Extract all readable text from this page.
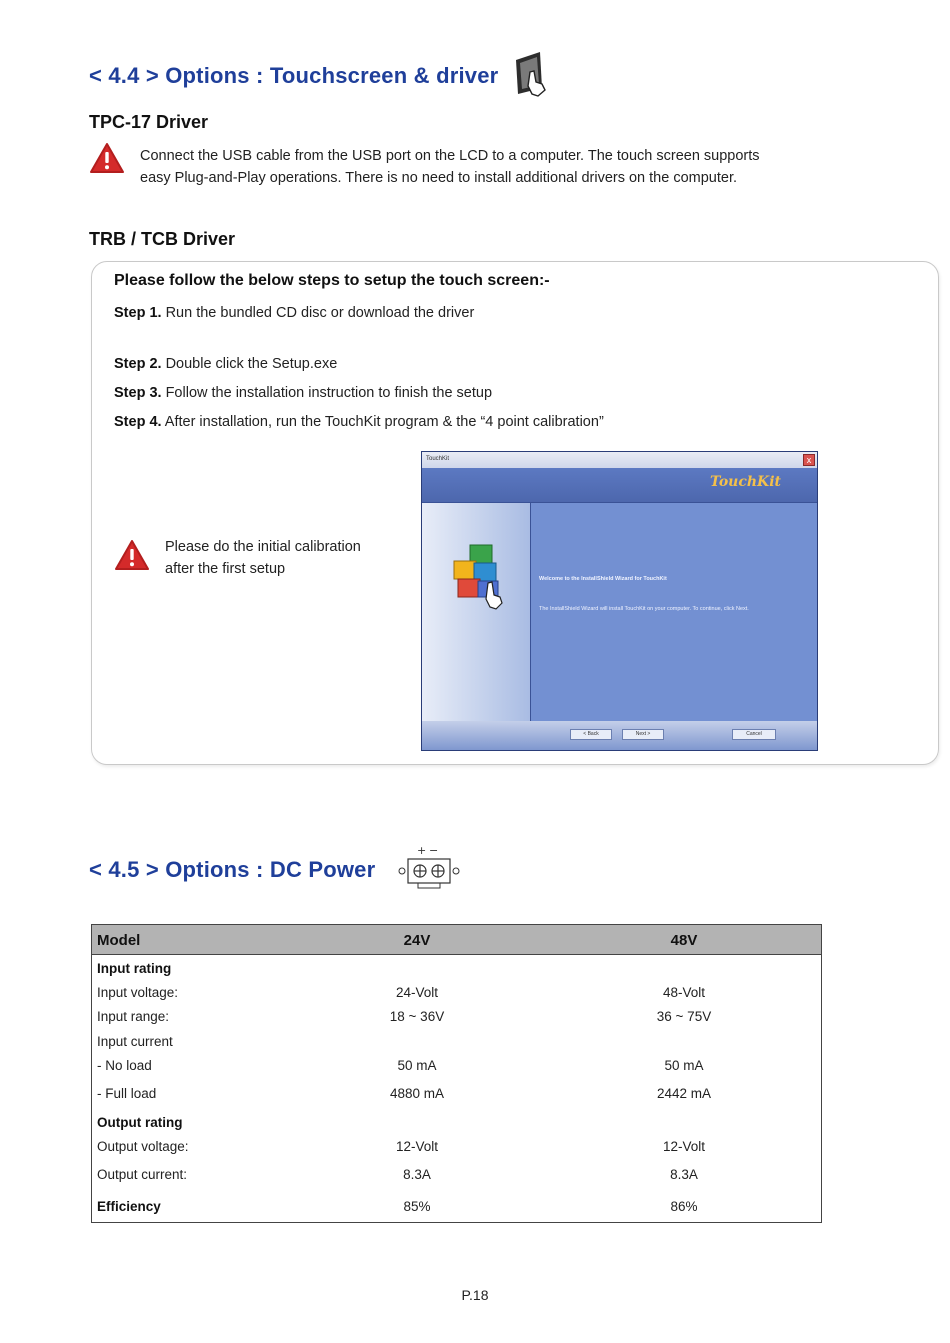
< 4.4 > Options : Touchscreen & driver
TPC-17 Driver
Connect the USB cable from the USB port on the LCD to a computer. The touch screen supports
easy Plug-and-Play operations. There is no need to install additional drivers on the computer.
TRB / TCB Driver
Please follow the below steps to setup the touch screen:-
Step 1. Run the bundled CD disc or download the driver
Step 2. Double click the Setup.exe
Step 3. Follow the installation instruction to finish the setup
Step 4. After installation, run the TouchKit program & the “4 point calibration”
Please do the initial calibration
after the first setup
TouchKit	x
TouchKit

Welcome to the InstallShield Wizard for TouchKit

The InstallShield Wizard will install TouchKit on your computer. To continue, click Next.

< Back	Next >	Cancel
< 4.5 > Options : DC Power
+ −
Model	24V	48V
Input rating
Input voltage:	24-Volt	48-Volt
Input range:	18 ~ 36V	36 ~ 75V
Input current
- No load	50 mA	50 mA
- Full load	4880 mA	2442 mA
Output rating
Output voltage:	12-Volt	12-Volt
Output current:	8.3A	8.3A
Efficiency	85%	86%
P.18
